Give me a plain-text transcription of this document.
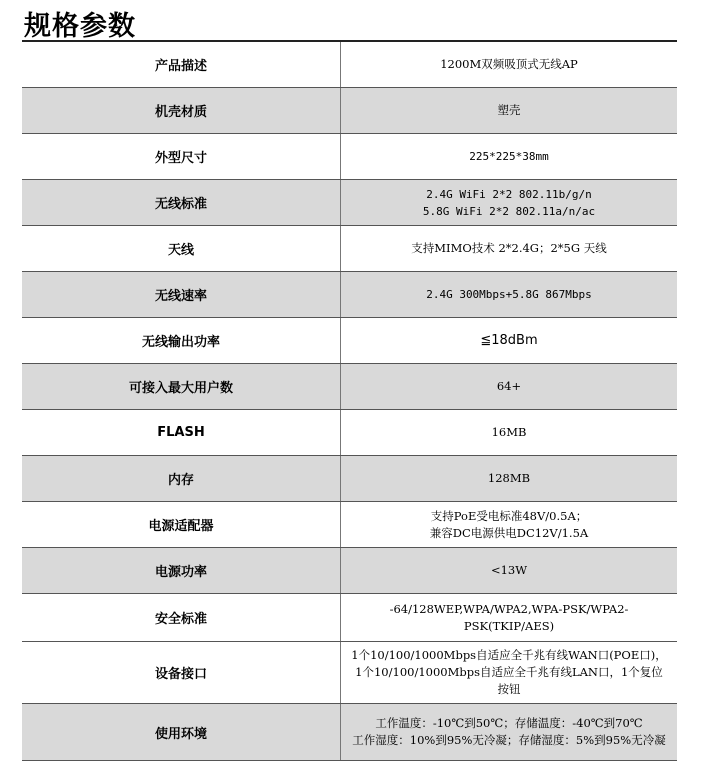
规格参数
产品描述	1200M双频吸顶式无线AP

机壳材质	塑壳

外型尺寸	225*225*38mm

无线标准	2.4G WiFi 2*2 802.11b/g/n
5.8G WiFi 2*2 802.11a/n/ac

天线	支持MIMO技术 2*2.4G；2*5G 天线

无线速率	2.4G 300Mbps+5.8G 867Mbps

无线输出功率	≦18dBm

可接入最大用户数	64+

FLASH	16MB

内存	128MB

电源适配器	支持PoE受电标准48V/0.5A；
兼容DC电源供电DC12V/1.5A

电源功率	<13W

安全标准	-64/128WEP,WPA/WPA2,WPA-PSK/WPA2-
PSK(TKIP/AES)

设备接口	1个10/100/1000Mbps自适应全千兆有线WAN口(POE口)，
1个10/100/1000Mbps自适应全千兆有线LAN口，1个复位
按钮

使用环境	工作温度：-10℃到50℃；存储温度：-40℃到70℃
工作湿度：10%到95%无冷凝；存储湿度：5%到95%无冷凝
